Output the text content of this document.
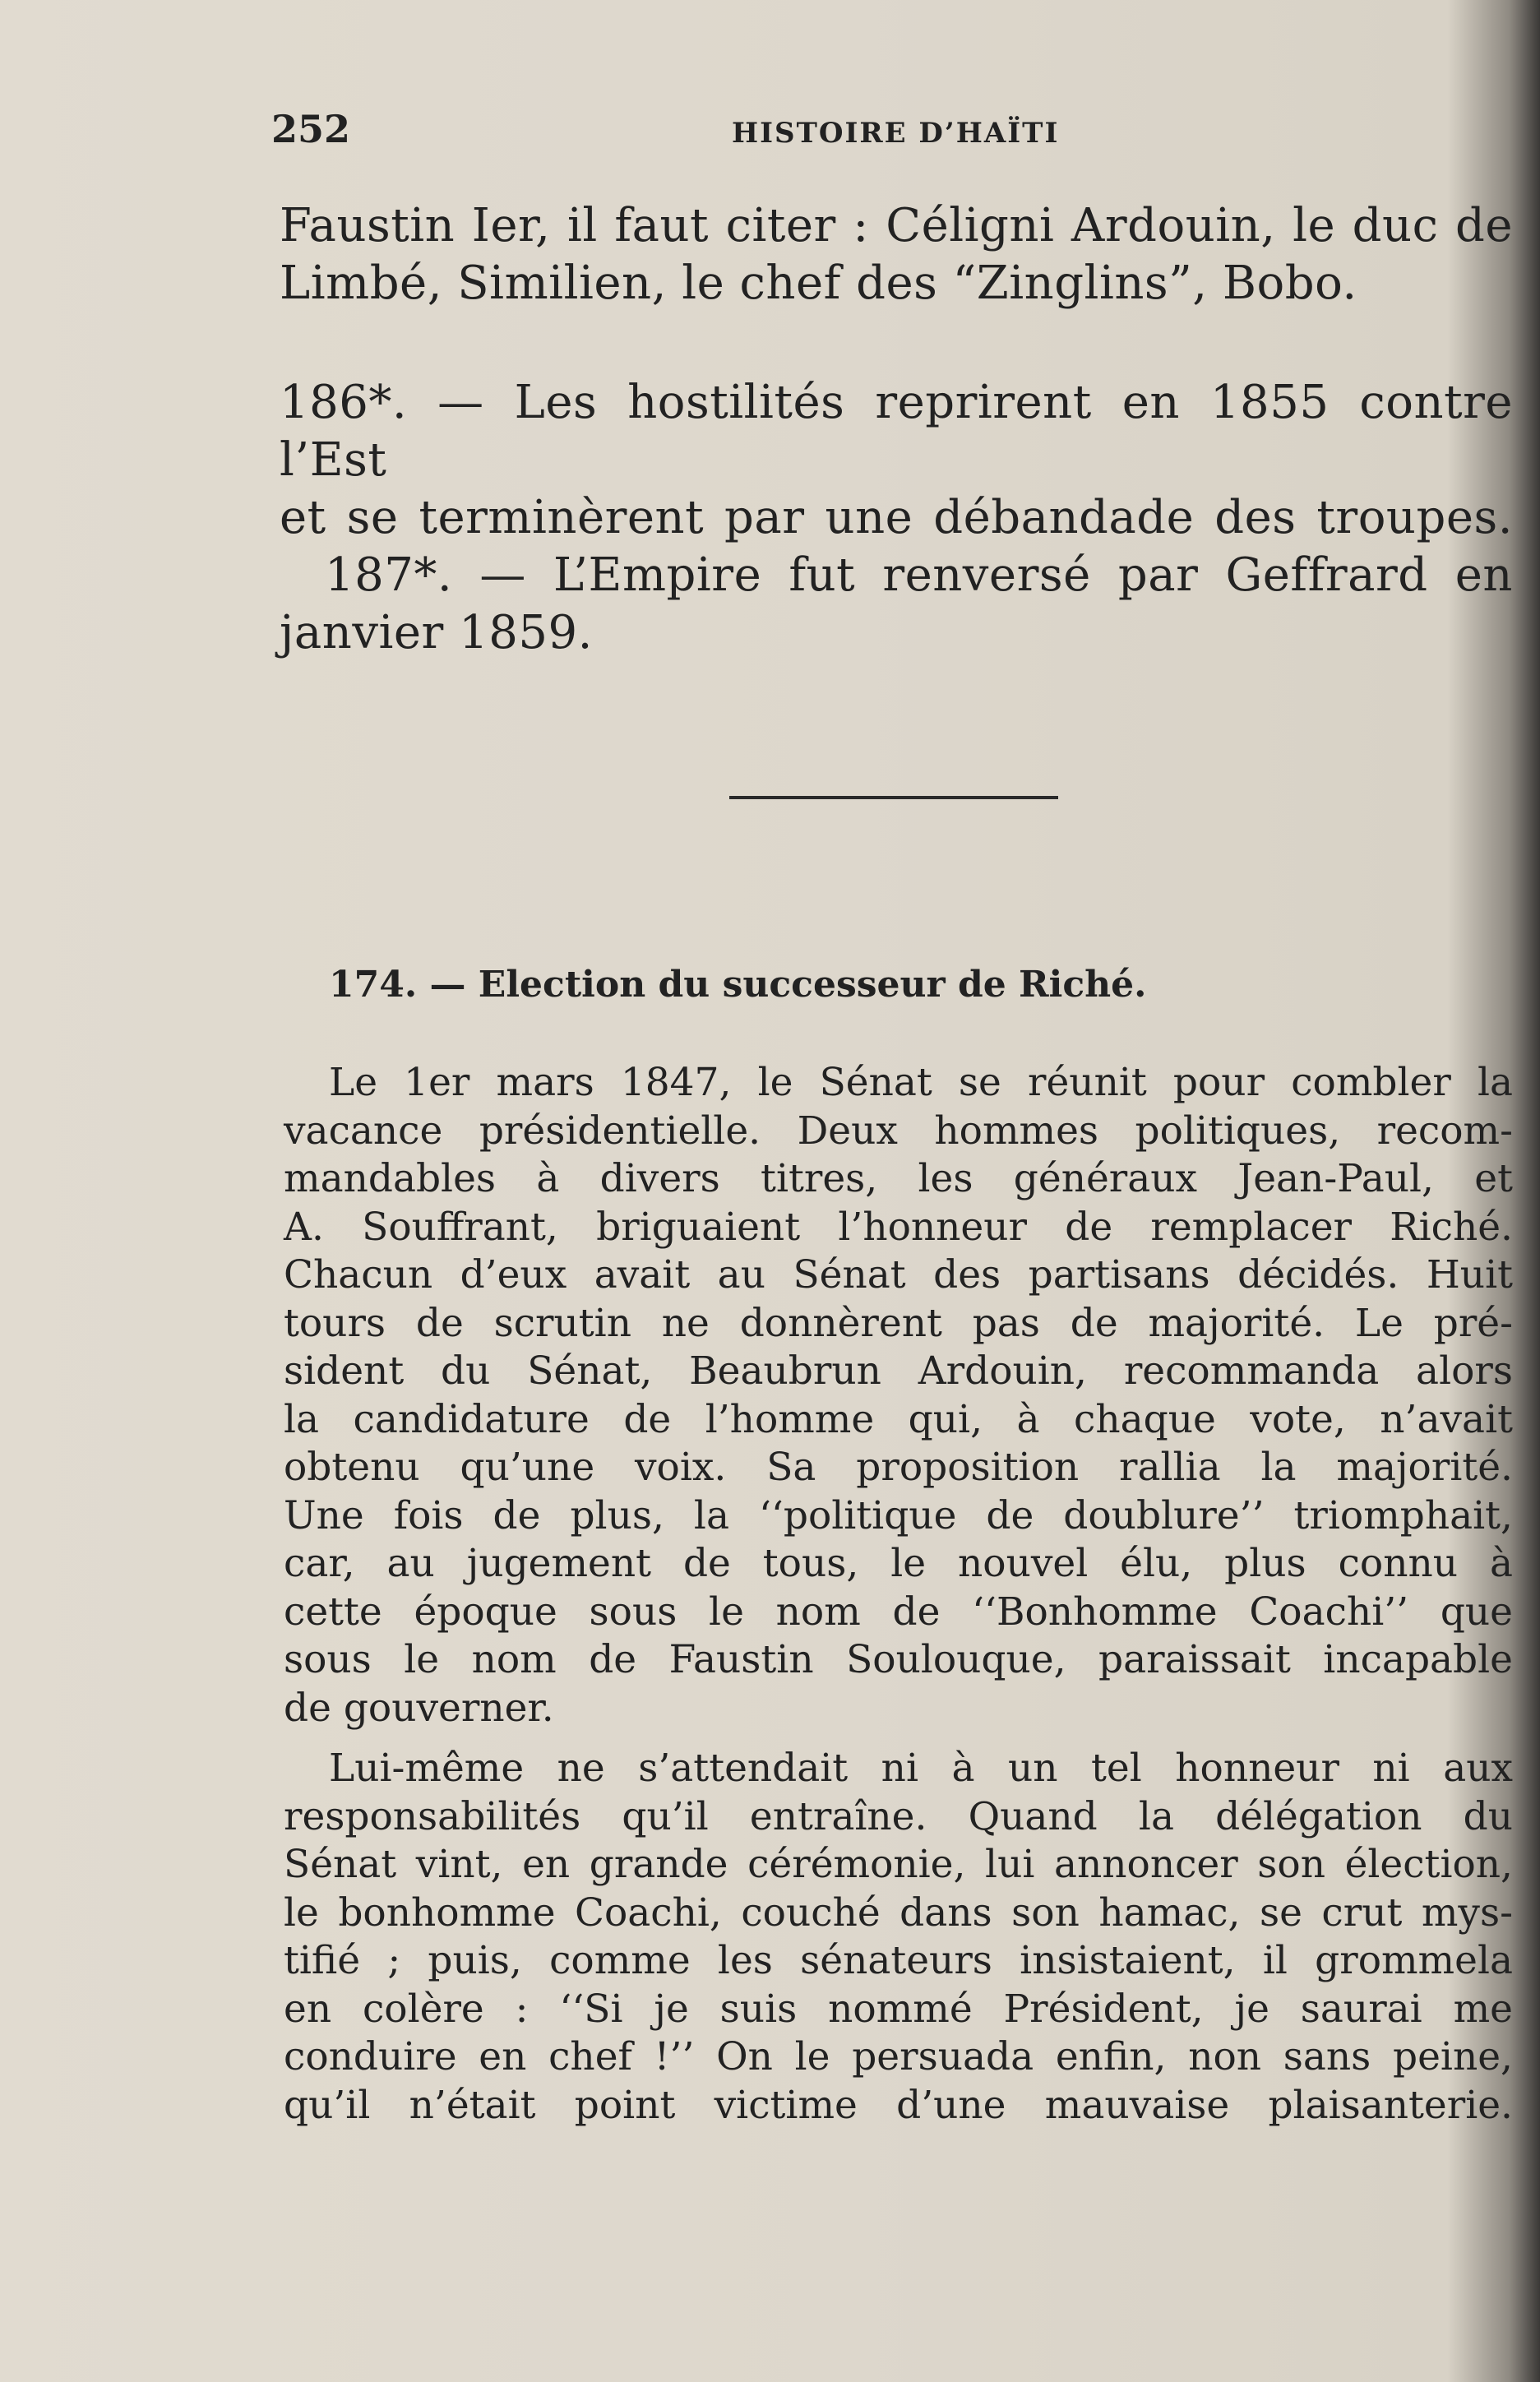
252	HISTOIRE D’HAÏTI
Faustin Ier, il faut citer : Céligni Ardouin, le duc de
Limbé, Similien, le chef des “Zinglins”, Bobo.
186*. — Les hostilités reprirent en 1855 contre l’Est
et se terminèrent par une débandade des troupes.
187*. — L’Empire fut renversé par Geffrard en
janvier 1859.
174. — Election du successeur de Riché.
Le 1er mars 1847, le Sénat se réunit pour combler la
vacance présidentielle. Deux hommes politiques, recom-
mandables à divers titres, les généraux Jean-Paul, et
A. Souffrant, briguaient l’honneur de remplacer Riché.
Chacun d’eux avait au Sénat des partisans décidés. Huit
tours de scrutin ne donnèrent pas de majorité. Le pré-
sident du Sénat, Beaubrun Ardouin, recommanda alors
la candidature de l’homme qui, à chaque vote, n’avait
obtenu qu’une voix. Sa proposition rallia la majorité.
Une fois de plus, la ‘‘politique de doublure’’ triomphait,
car, au jugement de tous, le nouvel élu, plus connu à
cette époque sous le nom de ‘‘Bonhomme Coachi’’ que
sous le nom de Faustin Soulouque, paraissait incapable
de gouverner.
Lui-même ne s’attendait ni à un tel honneur ni aux
responsabilités qu’il entraîne. Quand la délégation du
Sénat vint, en grande cérémonie, lui annoncer son élection,
le bonhomme Coachi, couché dans son hamac, se crut mys-
tifié ; puis, comme les sénateurs insistaient, il grommela
en colère : ‘‘Si je suis nommé Président, je saurai me
conduire en chef !’’ On le persuada enfin, non sans peine,
qu’il n’était point victime d’une mauvaise plaisanterie.
